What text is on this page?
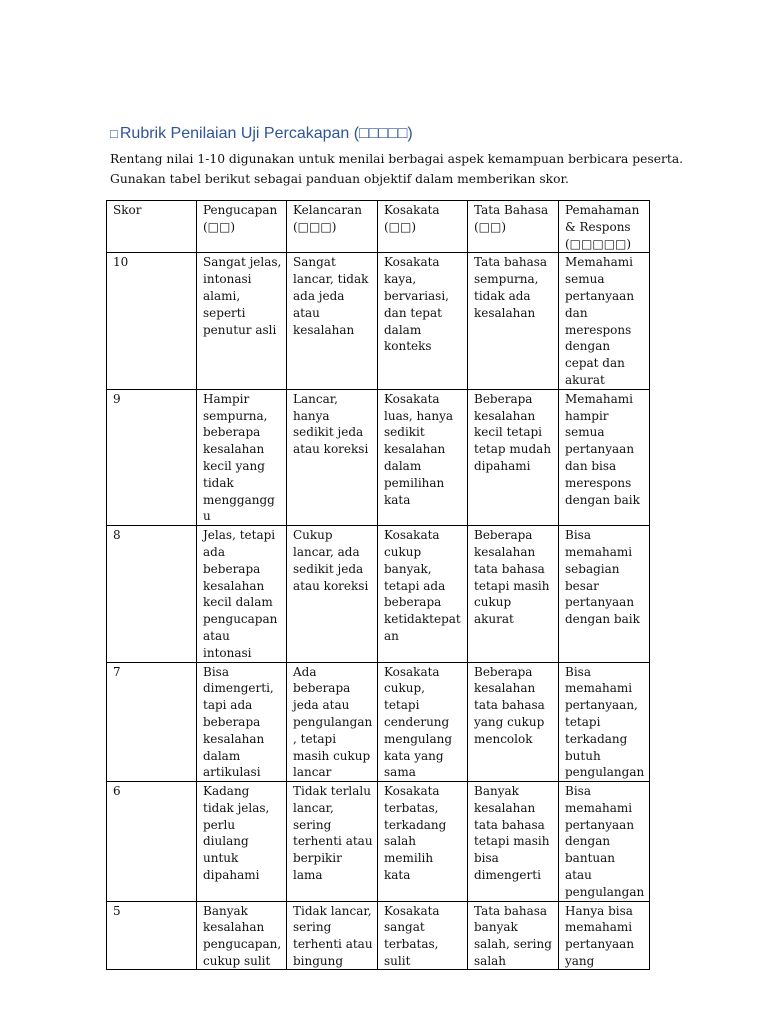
□ Rubrik Penilaian Uji Percakapan (□□□□□)

Rentang nilai 1-10 digunakan untuk menilai berbagai aspek kemampuan berbicara peserta.

Gunakan tabel berikut sebagai panduan objektif dalam memberikan skor.

Skor	Pengucapan (□□)	Kelancaran (□□□)	Kosakata (□□)	Tata Bahasa (□□)	Pemahaman & Respons (□□□□□)

10	Sangat jelas, intonasi alami, seperti penutur asli	Sangat lancar, tidak ada jeda atau kesalahan	Kosakata kaya, bervariasi, dan tepat dalam konteks	Tata bahasa sempurna, tidak ada kesalahan	Memahami semua pertanyaan dan merespons dengan cepat dan akurat

9	Hampir sempurna, beberapa kesalahan kecil yang tidak mengganggu	Lancar, hanya sedikit jeda atau koreksi	Kosakata luas, hanya sedikit kesalahan dalam pemilihan kata	Beberapa kesalahan kecil tetapi tetap mudah dipahami	Memahami hampir semua pertanyaan dan bisa merespons dengan baik

8	Jelas, tetapi ada beberapa kesalahan kecil dalam pengucapan atau intonasi	Cukup lancar, ada sedikit jeda atau koreksi	Kosakata cukup banyak, tetapi ada beberapa ketidaktepatan	Beberapa kesalahan tata bahasa tetapi masih cukup akurat	Bisa memahami sebagian besar pertanyaan dengan baik

7	Bisa dimengerti, tapi ada beberapa kesalahan dalam artikulasi	Ada beberapa jeda atau pengulangan, tetapi masih cukup lancar	Kosakata cukup, tetapi cenderung mengulang kata yang sama	Beberapa kesalahan tata bahasa yang cukup mencolok	Bisa memahami pertanyaan, tetapi terkadang butuh pengulangan

6	Kadang tidak jelas, perlu diulang untuk dipahami	Tidak terlalu lancar, sering terhenti atau berpikir lama	Kosakata terbatas, terkadang salah memilih kata	Banyak kesalahan tata bahasa tetapi masih bisa dimengerti	Bisa memahami pertanyaan dengan bantuan atau pengulangan

5	Banyak kesalahan pengucapan, cukup sulit	Tidak lancar, sering terhenti atau bingung	Kosakata sangat terbatas, sulit	Tata bahasa banyak salah, sering salah	Hanya bisa memahami pertanyaan yang
